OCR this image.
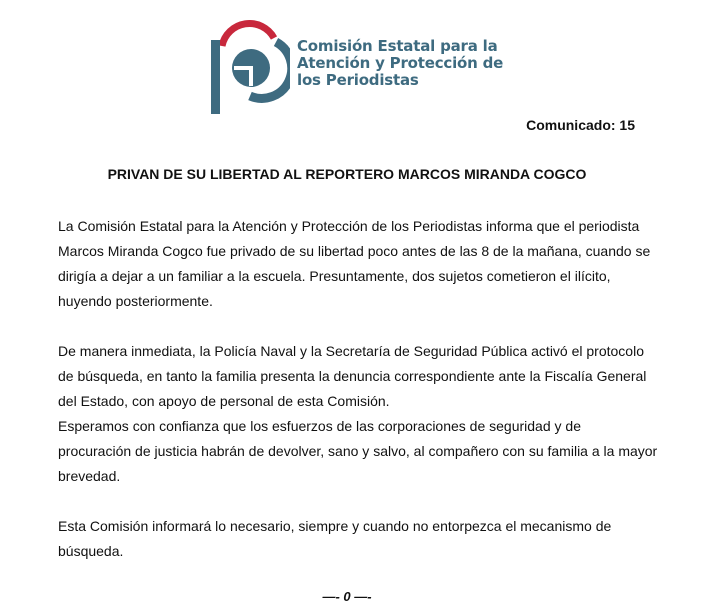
Comisión Estatal para la
Atención y Protección de
los Periodistas
Comunicado: 15
PRIVAN DE SU LIBERTAD AL REPORTERO MARCOS MIRANDA COGCO

La Comisión Estatal para la Atención y Protección de los Periodistas informa que el periodista Marcos Miranda Cogco fue privado de su libertad poco antes de las 8 de la mañana, cuando se dirigía a dejar a un familiar a la escuela. Presuntamente, dos sujetos cometieron el ilícito, huyendo posteriormente.

De manera inmediata, la Policía Naval y la Secretaría de Seguridad Pública activó el protocolo de búsqueda, en tanto la familia presenta la denuncia correspondiente ante la Fiscalía General del Estado, con apoyo de personal de esta Comisión.

Esperamos con confianza que los esfuerzos de las corporaciones de seguridad y de procuración de justicia habrán de devolver, sano y salvo, al compañero con su familia a la mayor brevedad.

Esta Comisión informará lo necesario, siempre y cuando no entorpezca el mecanismo de búsqueda.

—- 0 —-
